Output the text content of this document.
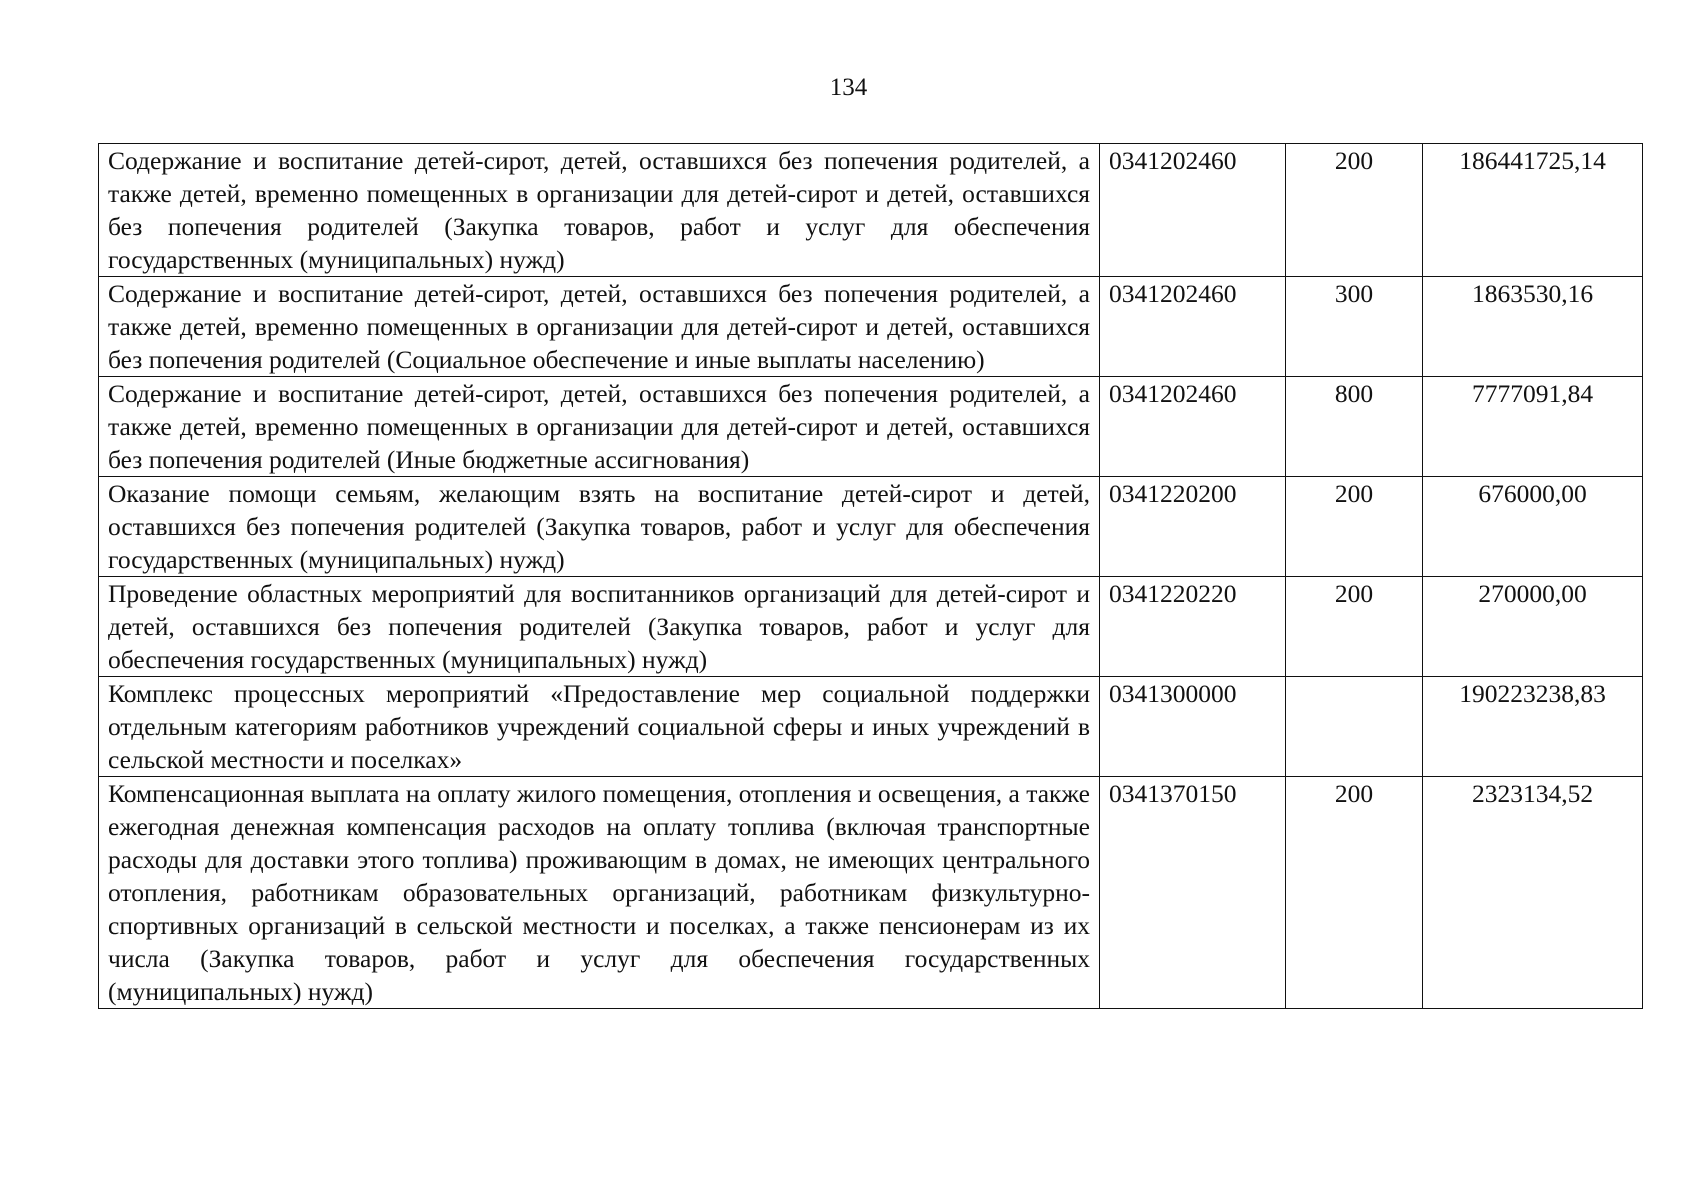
134
Содержание и воспитание детей-сирот, детей, оставшихся без попечения родителей, а также детей, временно помещенных в организации для детей-сирот и детей, оставшихся без попечения родителей (Закупка товаров, работ и услуг для обеспечения государственных (муниципальных) нужд)	0341202460	200	186441725,14
Содержание и воспитание детей-сирот, детей, оставшихся без попечения родителей, а также детей, временно помещенных в организации для детей-сирот и детей, оставшихся без попечения родителей (Социальное обеспечение и иные выплаты населению)	0341202460	300	1863530,16
Содержание и воспитание детей-сирот, детей, оставшихся без попечения родителей, а также детей, временно помещенных в организации для детей-сирот и детей, оставшихся без попечения родителей (Иные бюджетные ассигнования)	0341202460	800	7777091,84
Оказание помощи семьям, желающим взять на воспитание детей-сирот и детей, оставшихся без попечения родителей (Закупка товаров, работ и услуг для обеспечения государственных (муниципальных) нужд)	0341220200	200	676000,00
Проведение областных мероприятий для воспитанников организаций для детей-сирот и детей, оставшихся без попечения родителей (Закупка товаров, работ и услуг для обеспечения государственных (муниципальных) нужд)	0341220220	200	270000,00
Комплекс процессных мероприятий «Предоставление мер социальной поддержки отдельным категориям работников учреждений социальной сферы и иных учреждений в сельской местности и поселках»	0341300000		190223238,83
Компенсационная выплата на оплату жилого помещения, отопления и освещения, а также ежегодная денежная компенсация расходов на оплату топлива (включая транспортные расходы для доставки этого топлива) проживающим в домах, не имеющих центрального отопления, работникам образовательных организаций, работникам физкультурно-спортивных организаций в сельской местности и поселках, а также пенсионерам из их числа (Закупка товаров, работ и услуг для обеспечения государственных (муниципальных) нужд)	0341370150	200	2323134,52
